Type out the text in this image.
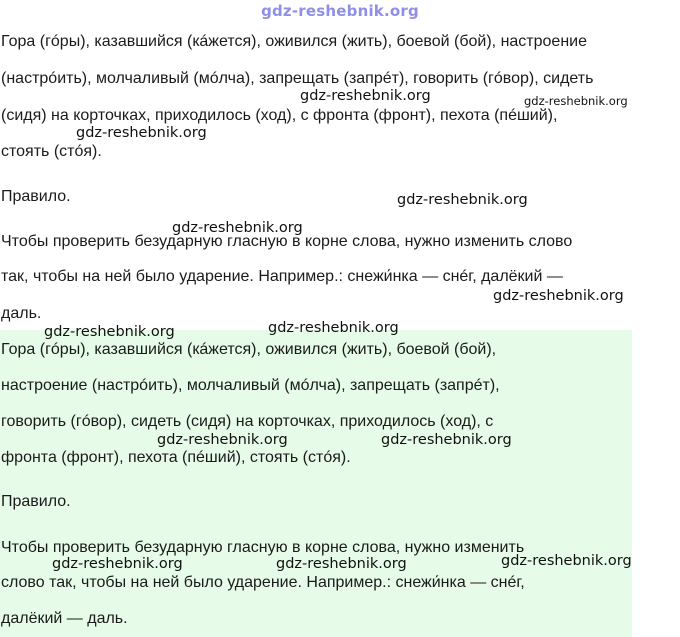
gdz-reshebnik.org
Гора (гóры), казавшийся (кáжется), оживился (жить), боевой (бой), настроение
(настрóить), молчаливый (мóлча), запрещать (запрéт), говорить (гóвор), сидеть
(сидя) на корточках, приходилось (ход), с фронта (фронт), пехота (пéший),
стоять (стóя).
Правило.
Чтобы проверить безударную гласную в корне слова, нужно изменить слово
так, чтобы на ней было ударение. Например.: снежи́нка — снéг, далёкий —
даль.
Гора (гóры), казавшийся (кáжется), оживился (жить), боевой (бой),
настроение (настрóить), молчаливый (мóлча), запрещать (запрéт),
говорить (гóвор), сидеть (сидя) на корточках, приходилось (ход), с
фронта (фронт), пехота (пéший), стоять (стóя).
Правило.
Чтобы проверить безударную гласную в корне слова, нужно изменить
слово так, чтобы на ней было ударение. Например.: снежи́нка — снéг,
далёкий — даль.
gdz-reshebnik.org	gdz-reshebnik.org
gdz-reshebnik.org
gdz-reshebnik.org
gdz-reshebnik.org
gdz-reshebnik.org
gdz-reshebnik.org	gdz-reshebnik.org
gdz-reshebnik.org	gdz-reshebnik.org
gdz-reshebnik.org	gdz-reshebnik.org	gdz-reshebnik.org
